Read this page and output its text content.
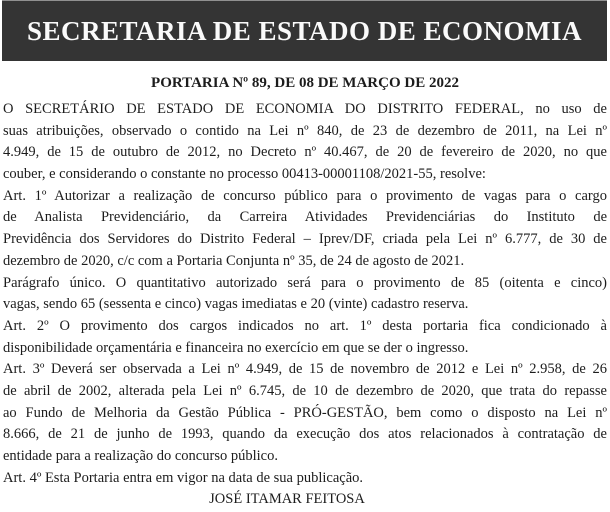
SECRETARIA DE ESTADO DE ECONOMIA
PORTARIA Nº 89, DE 08 DE MARÇO DE 2022
O SECRETÁRIO DE ESTADO DE ECONOMIA DO DISTRITO FEDERAL, no uso de
suas atribuições, observado o contido na Lei nº 840, de 23 de dezembro de 2011, na Lei nº
4.949, de 15 de outubro de 2012, no Decreto nº 40.467, de 20 de fevereiro de 2020, no que
couber, e considerando o constante no processo 00413-00001108/2021-55, resolve:
Art. 1º Autorizar a realização de concurso público para o provimento de vagas para o cargo
de Analista Previdenciário, da Carreira Atividades Previdenciárias do Instituto de
Previdência dos Servidores do Distrito Federal – Iprev/DF, criada pela Lei nº 6.777, de 30 de
dezembro de 2020, c/c com a Portaria Conjunta nº 35, de 24 de agosto de 2021.
Parágrafo único. O quantitativo autorizado será para o provimento de 85 (oitenta e cinco)
vagas, sendo 65 (sessenta e cinco) vagas imediatas e 20 (vinte) cadastro reserva.
Art. 2º O provimento dos cargos indicados no art. 1º desta portaria fica condicionado à
disponibilidade orçamentária e financeira no exercício em que se der o ingresso.
Art. 3º Deverá ser observada a Lei nº 4.949, de 15 de novembro de 2012 e Lei nº 2.958, de 26
de abril de 2002, alterada pela Lei nº 6.745, de 10 de dezembro de 2020, que trata do repasse
ao Fundo de Melhoria da Gestão Pública - PRÓ-GESTÃO, bem como o disposto na Lei nº
8.666, de 21 de junho de 1993, quando da execução dos atos relacionados à contratação de
entidade para a realização do concurso público.
Art. 4º Esta Portaria entra em vigor na data de sua publicação.
JOSÉ ITAMAR FEITOSA
